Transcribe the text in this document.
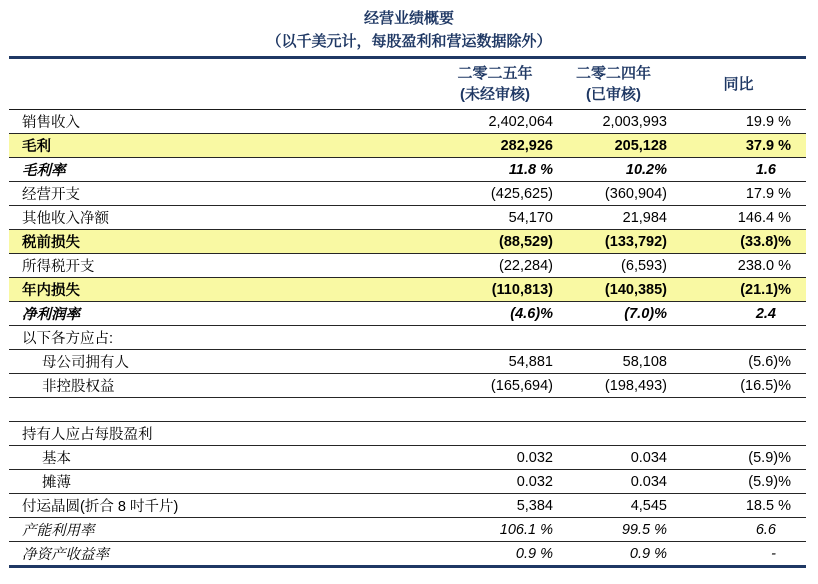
经营业绩概要
（以千美元计，每股盈利和营运数据除外）

二零二五年
(未经审核)

二零二四年
(已审核)

同比

销售收入	2,402,064	2,003,993	19.9 %
毛利	282,926	205,128	37.9 %
毛利率	11.8 %	10.2%	1.6
经营开支	(425,625)	(360,904)	17.9 %
其他收入净额	54,170	21,984	146.4 %
税前损失	(88,529)	(133,792)	(33.8)%
所得税开支	(22,284)	(6,593)	238.0 %
年内损失	(110,813)	(140,385)	(21.1)%
净利润率	(4.6)%	(7.0)%	2.4
以下各方应占:			
母公司拥有人	54,881	58,108	(5.6)%
非控股权益	(165,694)	(198,493)	(16.5)%

持有人应占每股盈利			
基本	0.032	0.034	(5.9)%
摊薄	0.032	0.034	(5.9)%
付运晶圆(折合 8 吋千片)	5,384	4,545	18.5 %
产能利用率	106.1 %	99.5 %	6.6
净资产收益率	0.9 %	0.9 %	-
